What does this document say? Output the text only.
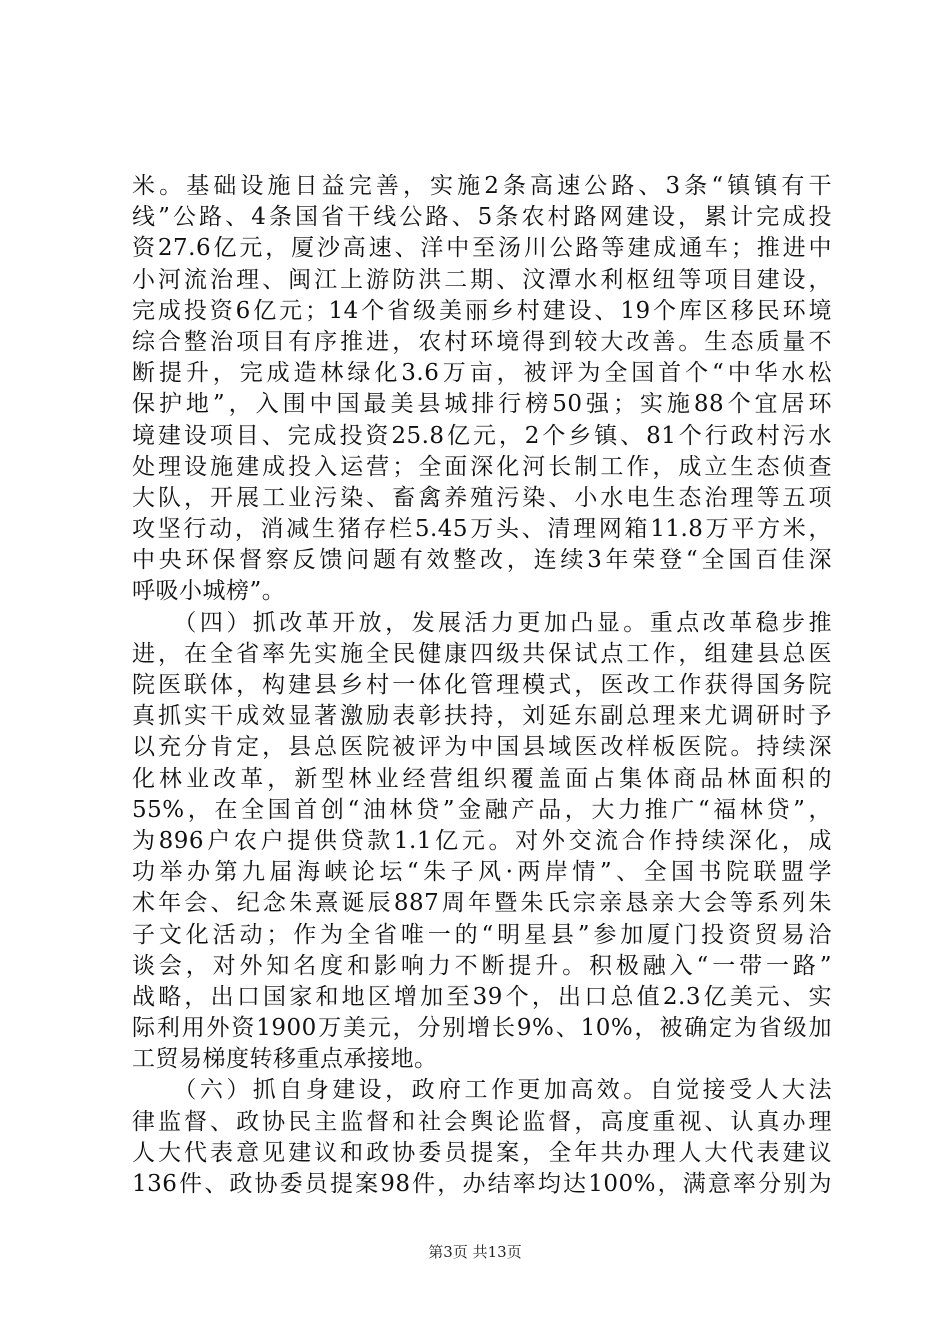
米。基础设施日益完善，实施2条高速公路、3条“镇镇有干
线”公路、4条国省干线公路、5条农村路网建设，累计完成投
资27.6亿元，厦沙高速、洋中至汤川公路等建成通车；推进中
小河流治理、闽江上游防洪二期、汶潭水利枢纽等项目建设，
完成投资6亿元；14个省级美丽乡村建设、19个库区移民环境
综合整治项目有序推进，农村环境得到较大改善。生态质量不
断提升，完成造林绿化3.6万亩，被评为全国首个“中华水松
保护地”，入围中国最美县城排行榜50强；实施88个宜居环
境建设项目、完成投资25.8亿元，2个乡镇、81个行政村污水
处理设施建成投入运营；全面深化河长制工作，成立生态侦查
大队，开展工业污染、畜禽养殖污染、小水电生态治理等五项
攻坚行动，消减生猪存栏5.45万头、清理网箱11.8万平方米，
中央环保督察反馈问题有效整改，连续3年荣登“全国百佳深
呼吸小城榜”。
　　（四）抓改革开放，发展活力更加凸显。重点改革稳步推
进，在全省率先实施全民健康四级共保试点工作，组建县总医
院医联体，构建县乡村一体化管理模式，医改工作获得国务院
真抓实干成效显著激励表彰扶持，刘延东副总理来尤调研时予
以充分肯定，县总医院被评为中国县域医改样板医院。持续深
化林业改革，新型林业经营组织覆盖面占集体商品林面积的
55%，在全国首创“油林贷”金融产品，大力推广“福林贷”，
为896户农户提供贷款1.1亿元。对外交流合作持续深化，成
功举办第九届海峡论坛“朱子风·两岸情”、全国书院联盟学
术年会、纪念朱熹诞辰887周年暨朱氏宗亲恳亲大会等系列朱
子文化活动；作为全省唯一的“明星县”参加厦门投资贸易洽
谈会，对外知名度和影响力不断提升。积极融入“一带一路”
战略，出口国家和地区增加至39个，出口总值2.3亿美元、实
际利用外资1900万美元，分别增长9%、10%，被确定为省级加
工贸易梯度转移重点承接地。
　　（六）抓自身建设，政府工作更加高效。自觉接受人大法
律监督、政协民主监督和社会舆论监督，高度重视、认真办理
人大代表意见建议和政协委员提案，全年共办理人大代表建议
136件、政协委员提案98件，办结率均达100%，满意率分别为
第3页 共13页
